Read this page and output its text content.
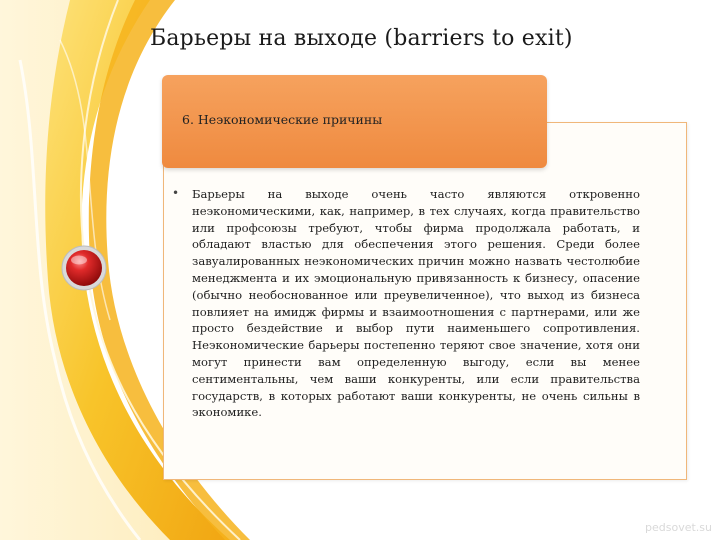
Барьеры на выходе (barriers to exit)
6. Неэкономические причины
• Барьеры на выходе очень часто являются откровенно неэкономическими, как, например, в тех случаях, когда правительство или профсоюзы требуют, чтобы фирма продолжала работать, и обладают властью для обеспечения этого решения. Среди более завуалированных неэкономических причин можно назвать честолюбие менеджмента и их эмоциональную привязанность к бизнесу, опасение (обычно необоснованное или преувеличенное), что выход из бизнеса повлияет на имидж фирмы и взаимоотношения с партнерами, или же просто бездействие и выбор пути наименьшего сопротивления. Неэкономические барьеры постепенно теряют свое значение, хотя они могут принести вам определенную выгоду, если вы менее сентиментальны, чем ваши конкуренты, или если правительства государств, в которых работают ваши конкуренты, не очень сильны в экономике.
pedsovet.su
